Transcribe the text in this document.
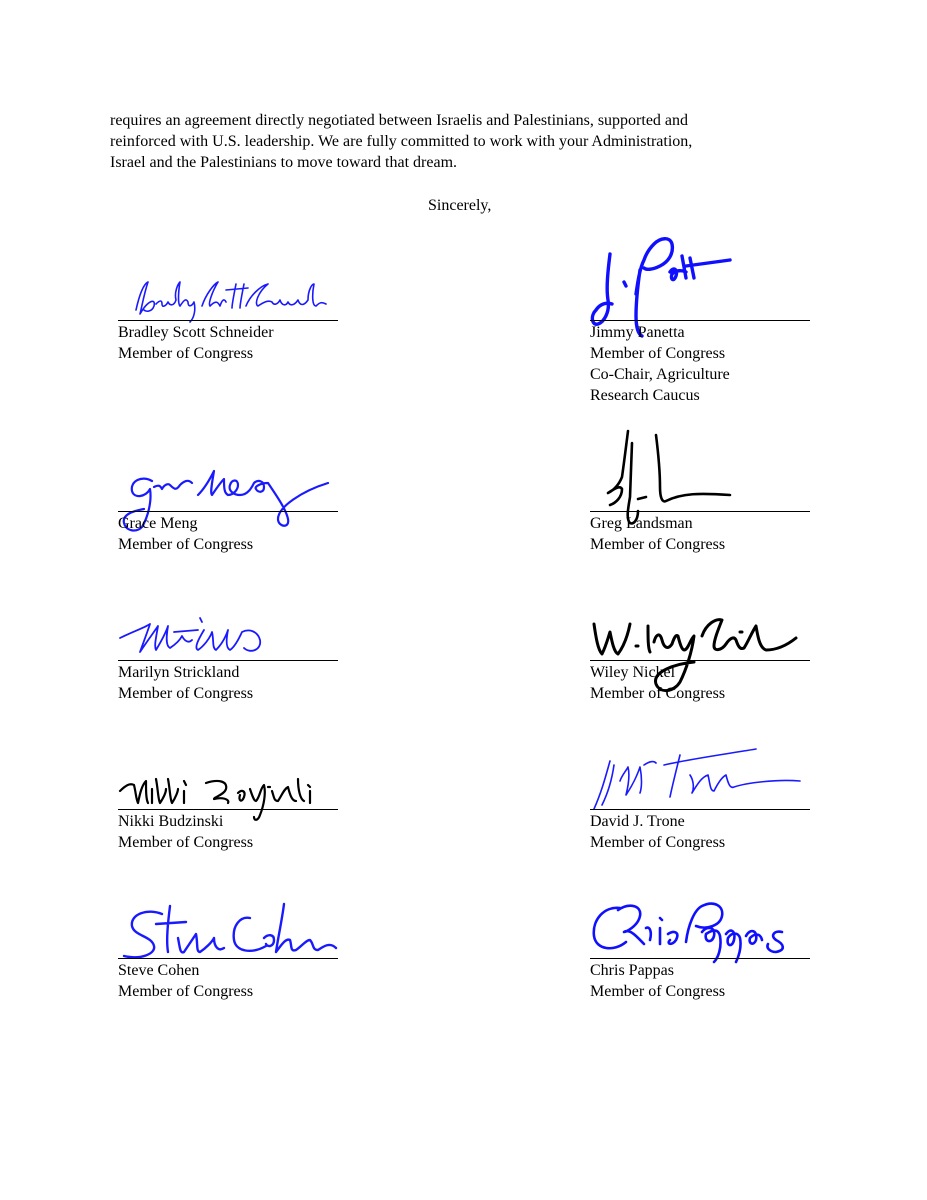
requires an agreement directly negotiated between Israelis and Palestinians, supported and
reinforced with U.S. leadership. We are fully committed to work with your Administration,
Israel and the Palestinians to move toward that dream.
Sincerely,
Bradley Scott Schneider
Member of Congress
Jimmy Panetta
Member of Congress
Co-Chair, Agriculture
Research Caucus
Grace Meng
Member of Congress
Greg Landsman
Member of Congress
Marilyn Strickland
Member of Congress
Wiley Nickel
Member of Congress
Nikki Budzinski
Member of Congress
David J. Trone
Member of Congress
Steve Cohen
Member of Congress
Chris Pappas
Member of Congress
